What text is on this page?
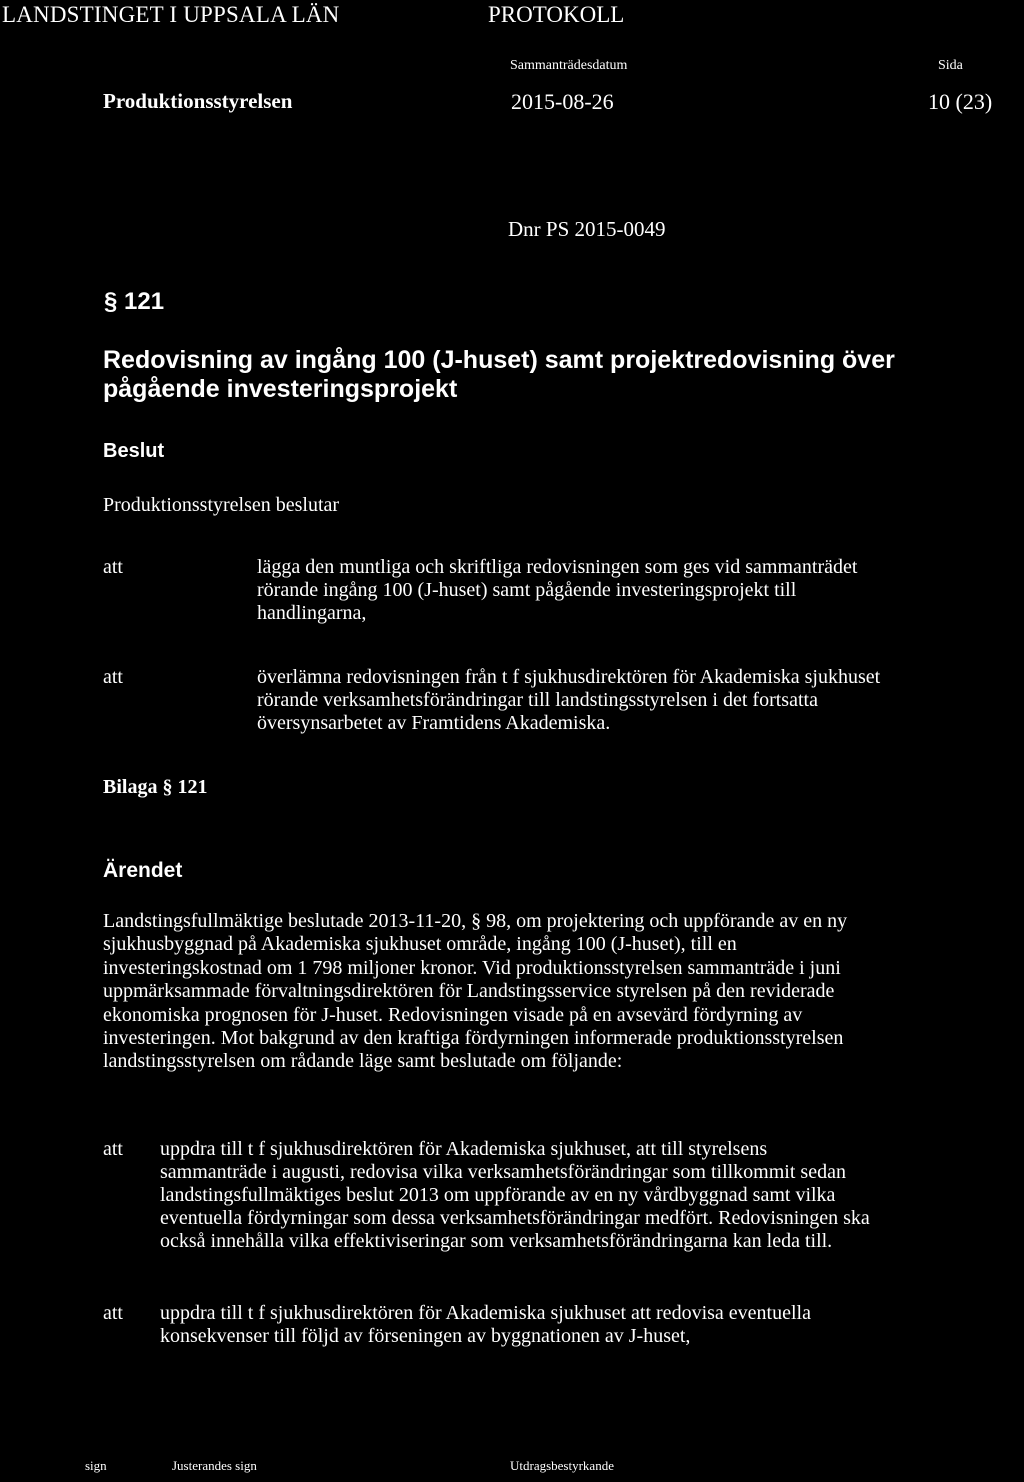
LANDSTINGET I UPPSALA LÄN	PROTOKOLL
Sammanträdesdatum	Sida
Produktionsstyrelsen	2015-08-26	10 (23)
Dnr PS 2015-0049
§ 121
Redovisning av ingång 100 (J-huset) samt projektredovisning över pågående investeringsprojekt
Beslut
Produktionsstyrelsen beslutar
att	lägga den muntliga och skriftliga redovisningen som ges vid sammanträdet
rörande ingång 100 (J-huset) samt pågående investeringsprojekt till
handlingarna,
att	överlämna redovisningen från t f sjukhusdirektören för Akademiska sjukhuset
rörande verksamhetsförändringar till landstingsstyrelsen i det fortsatta
översynsarbetet av Framtidens Akademiska.
Bilaga § 121
Ärendet
Landstingsfullmäktige beslutade 2013-11-20, § 98, om projektering och uppförande av en ny
sjukhusbyggnad på Akademiska sjukhuset område, ingång 100 (J-huset), till en
investeringskostnad om 1 798 miljoner kronor. Vid produktionsstyrelsen sammanträde i juni
uppmärksammade förvaltningsdirektören för Landstingsservice styrelsen på den reviderade
ekonomiska prognosen för J-huset. Redovisningen visade på en avsevärd fördyrning av
investeringen. Mot bakgrund av den kraftiga fördyrningen informerade produktionsstyrelsen
landstingsstyrelsen om rådande läge samt beslutade om följande:
att uppdra till t f sjukhusdirektören för Akademiska sjukhuset, att till styrelsens
sammanträde i augusti, redovisa vilka verksamhetsförändringar som tillkommit sedan
landstingsfullmäktiges beslut 2013 om uppförande av en ny vårdbyggnad samt vilka
eventuella fördyrningar som dessa verksamhetsförändringar medfört. Redovisningen ska
också innehålla vilka effektiviseringar som verksamhetsförändringarna kan leda till.
att uppdra till t f sjukhusdirektören för Akademiska sjukhuset att redovisa eventuella
konsekvenser till följd av förseningen av byggnationen av J-huset,
sign	Justerandes sign	Utdragsbestyrkande
